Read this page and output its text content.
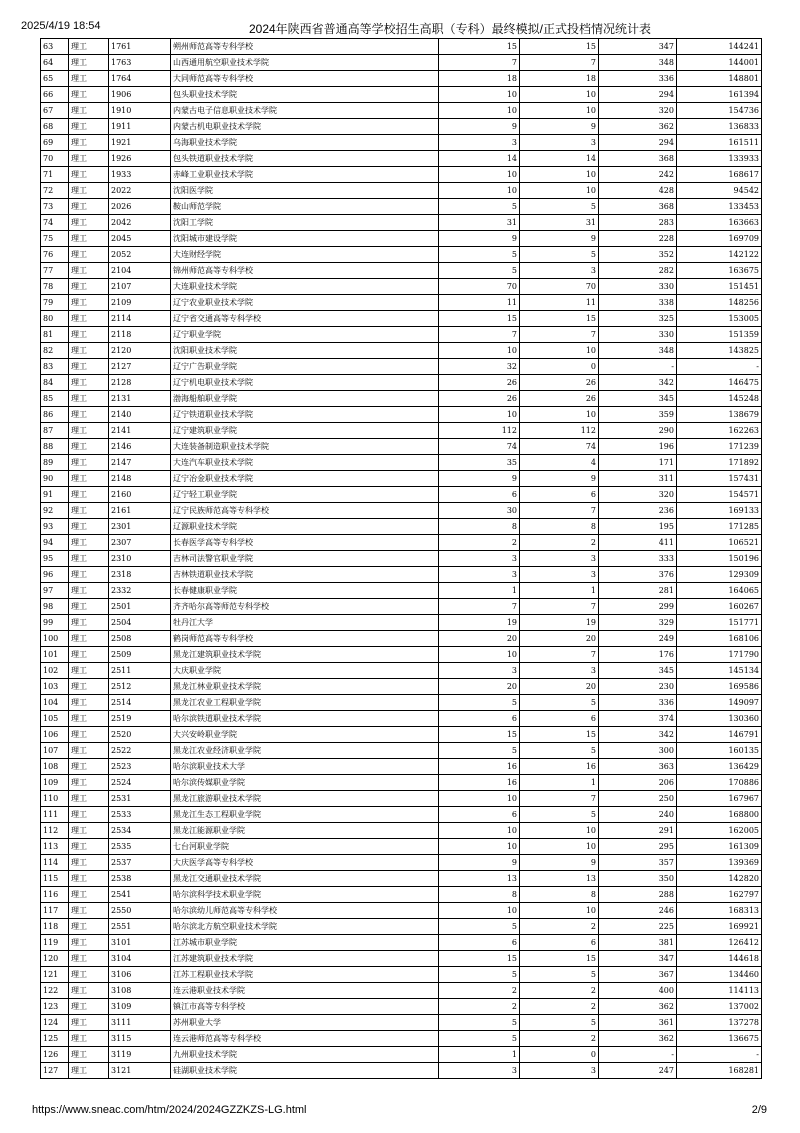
2025/4/19 18:54	2024年陕西省普通高等学校招生高职（专科）最终模拟/正式投档情况统计表
63	理工	1761	朔州师范高等专科学校	15	15	347	144241
64	理工	1763	山西通用航空职业技术学院	7	7	348	144001
65	理工	1764	大同师范高等专科学校	18	18	336	148801
66	理工	1906	包头职业技术学院	10	10	294	161394
67	理工	1910	内蒙古电子信息职业技术学院	10	10	320	154736
68	理工	1911	内蒙古机电职业技术学院	9	9	362	136833
69	理工	1921	乌海职业技术学院	3	3	294	161511
70	理工	1926	包头铁道职业技术学院	14	14	368	133933
71	理工	1933	赤峰工业职业技术学院	10	10	242	168617
72	理工	2022	沈阳医学院	10	10	428	94542
73	理工	2026	鞍山师范学院	5	5	368	133453
74	理工	2042	沈阳工学院	31	31	283	163663
75	理工	2045	沈阳城市建设学院	9	9	228	169709
76	理工	2052	大连财经学院	5	5	352	142122
77	理工	2104	锦州师范高等专科学校	5	3	282	163675
78	理工	2107	大连职业技术学院	70	70	330	151451
79	理工	2109	辽宁农业职业技术学院	11	11	338	148256
80	理工	2114	辽宁省交通高等专科学校	15	15	325	153005
81	理工	2118	辽宁职业学院	7	7	330	151359
82	理工	2120	沈阳职业技术学院	10	10	348	143825
83	理工	2127	辽宁广告职业学院	32	0	-	-
84	理工	2128	辽宁机电职业技术学院	26	26	342	146475
85	理工	2131	渤海船舶职业学院	26	26	345	145248
86	理工	2140	辽宁铁道职业技术学院	10	10	359	138679
87	理工	2141	辽宁建筑职业学院	112	112	290	162263
88	理工	2146	大连装备制造职业技术学院	74	74	196	171239
89	理工	2147	大连汽车职业技术学院	35	4	171	171892
90	理工	2148	辽宁冶金职业技术学院	9	9	311	157431
91	理工	2160	辽宁轻工职业学院	6	6	320	154571
92	理工	2161	辽宁民族师范高等专科学校	30	7	236	169133
93	理工	2301	辽源职业技术学院	8	8	195	171285
94	理工	2307	长春医学高等专科学校	2	2	411	106521
95	理工	2310	吉林司法警官职业学院	3	3	333	150196
96	理工	2318	吉林铁道职业技术学院	3	3	376	129309
97	理工	2332	长春健康职业学院	1	1	281	164065
98	理工	2501	齐齐哈尔高等师范专科学校	7	7	299	160267
99	理工	2504	牡丹江大学	19	19	329	151771
100	理工	2508	鹤岗师范高等专科学校	20	20	249	168106
101	理工	2509	黑龙江建筑职业技术学院	10	7	176	171790
102	理工	2511	大庆职业学院	3	3	345	145134
103	理工	2512	黑龙江林业职业技术学院	20	20	230	169586
104	理工	2514	黑龙江农业工程职业学院	5	5	336	149097
105	理工	2519	哈尔滨铁道职业技术学院	6	6	374	130360
106	理工	2520	大兴安岭职业学院	15	15	342	146791
107	理工	2522	黑龙江农业经济职业学院	5	5	300	160135
108	理工	2523	哈尔滨职业技术大学	16	16	363	136429
109	理工	2524	哈尔滨传媒职业学院	16	1	206	170886
110	理工	2531	黑龙江旅游职业技术学院	10	7	250	167967
111	理工	2533	黑龙江生态工程职业学院	6	5	240	168800
112	理工	2534	黑龙江能源职业学院	10	10	291	162005
113	理工	2535	七台河职业学院	10	10	295	161309
114	理工	2537	大庆医学高等专科学校	9	9	357	139369
115	理工	2538	黑龙江交通职业技术学院	13	13	350	142820
116	理工	2541	哈尔滨科学技术职业学院	8	8	288	162797
117	理工	2550	哈尔滨幼儿师范高等专科学校	10	10	246	168313
118	理工	2551	哈尔滨北方航空职业技术学院	5	2	225	169921
119	理工	3101	江苏城市职业学院	6	6	381	126412
120	理工	3104	江苏建筑职业技术学院	15	15	347	144618
121	理工	3106	江苏工程职业技术学院	5	5	367	134460
122	理工	3108	连云港职业技术学院	2	2	400	114113
123	理工	3109	镇江市高等专科学校	2	2	362	137002
124	理工	3111	苏州职业大学	5	5	361	137278
125	理工	3115	连云港师范高等专科学校	5	2	362	136675
126	理工	3119	九州职业技术学院	1	0	-	-
127	理工	3121	硅湖职业技术学院	3	3	247	168281
https://www.sneac.com/htm/2024/2024GZZKZS-LG.html	2/9
